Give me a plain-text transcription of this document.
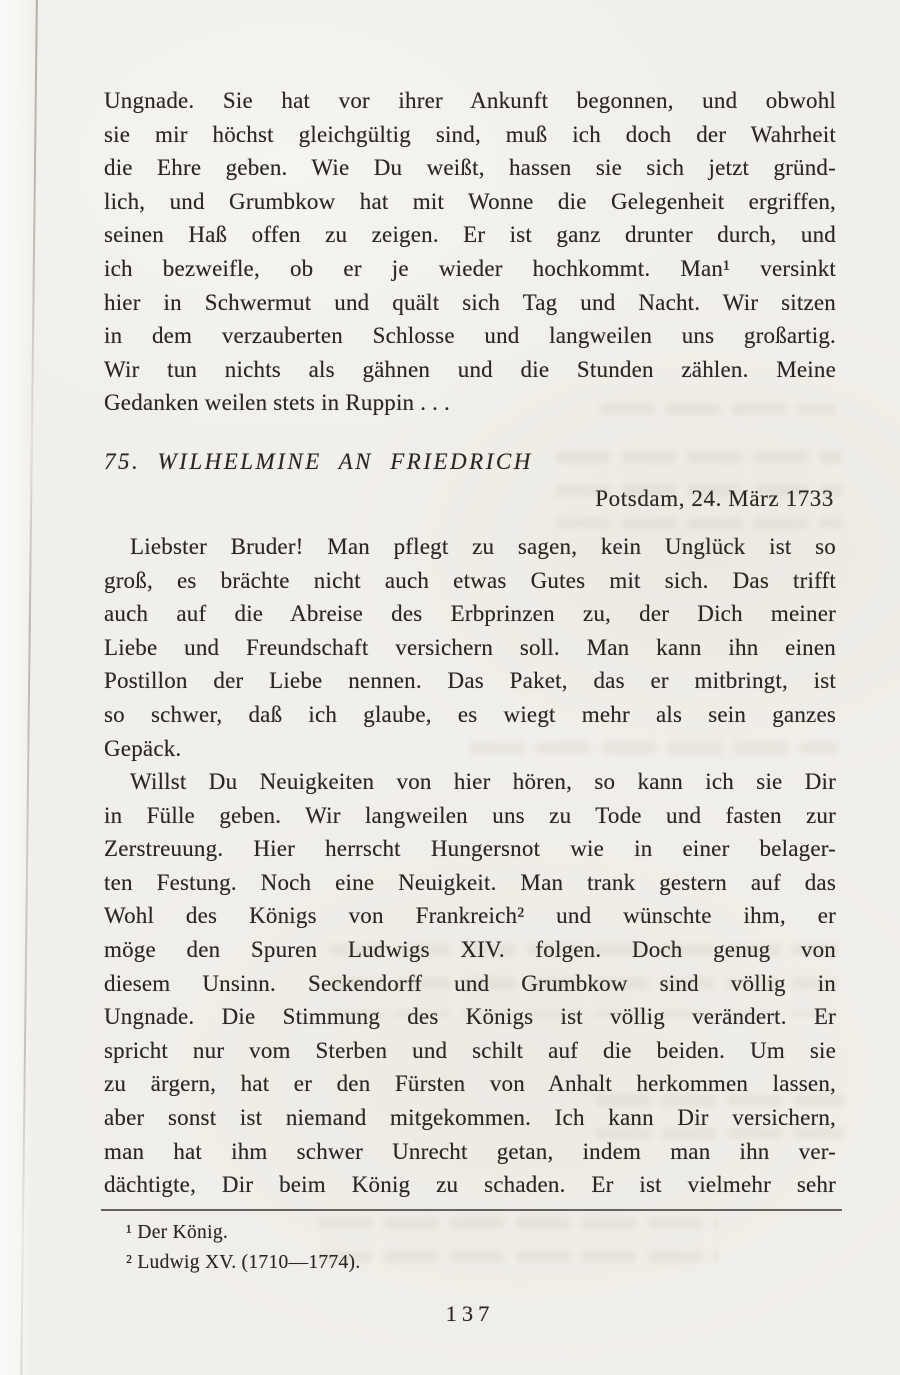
Ungnade. Sie hat vor ihrer Ankunft begonnen, und obwohl
sie mir höchst gleichgültig sind, muß ich doch der Wahrheit
die Ehre geben. Wie Du weißt, hassen sie sich jetzt gründ-
lich, und Grumbkow hat mit Wonne die Gelegenheit ergriffen,
seinen Haß offen zu zeigen. Er ist ganz drunter durch, und
ich bezweifle, ob er je wieder hochkommt. Man¹ versinkt
hier in Schwermut und quält sich Tag und Nacht. Wir sitzen
in dem verzauberten Schlosse und langweilen uns großartig.
Wir tun nichts als gähnen und die Stunden zählen. Meine
Gedanken weilen stets in Ruppin . . .
75. WILHELMINE AN FRIEDRICH
Potsdam, 24. März 1733
Liebster Bruder! Man pflegt zu sagen, kein Unglück ist so
groß, es brächte nicht auch etwas Gutes mit sich. Das trifft
auch auf die Abreise des Erbprinzen zu, der Dich meiner
Liebe und Freundschaft versichern soll. Man kann ihn einen
Postillon der Liebe nennen. Das Paket, das er mitbringt, ist
so schwer, daß ich glaube, es wiegt mehr als sein ganzes
Gepäck.
Willst Du Neuigkeiten von hier hören, so kann ich sie Dir
in Fülle geben. Wir langweilen uns zu Tode und fasten zur
Zerstreuung. Hier herrscht Hungersnot wie in einer belager-
ten Festung. Noch eine Neuigkeit. Man trank gestern auf das
Wohl des Königs von Frankreich² und wünschte ihm, er
möge den Spuren Ludwigs XIV. folgen. Doch genug von
diesem Unsinn. Seckendorff und Grumbkow sind völlig in
Ungnade. Die Stimmung des Königs ist völlig verändert. Er
spricht nur vom Sterben und schilt auf die beiden. Um sie
zu ärgern, hat er den Fürsten von Anhalt herkommen lassen,
aber sonst ist niemand mitgekommen. Ich kann Dir versichern,
man hat ihm schwer Unrecht getan, indem man ihn ver-
dächtigte, Dir beim König zu schaden. Er ist vielmehr sehr
¹ Der König.
² Ludwig XV. (1710—1774).
137
